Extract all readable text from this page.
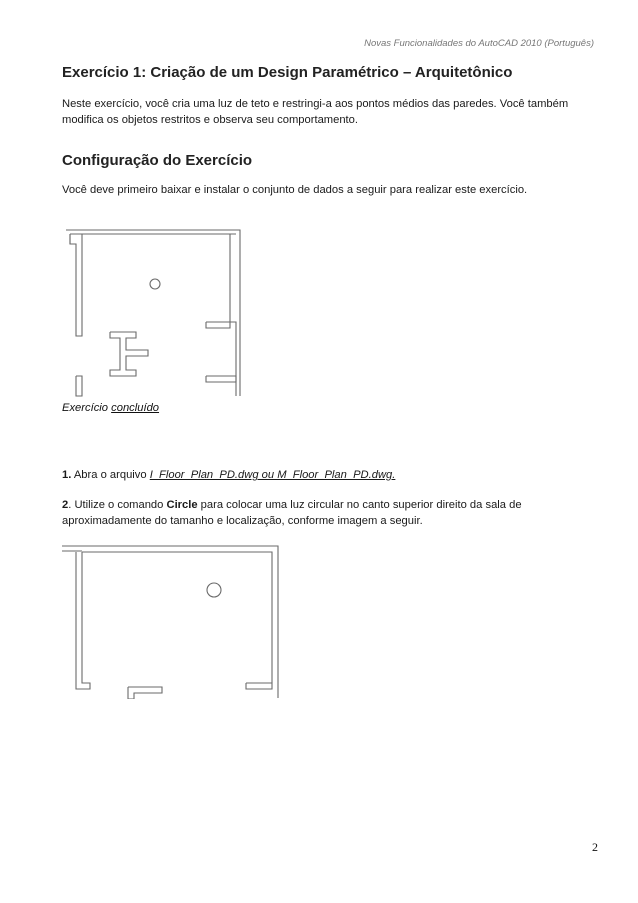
Novas Funcionalidades do AutoCAD 2010 (Português)
Exercício 1: Criação de um Design Paramétrico – Arquitetônico
Neste exercício, você cria uma luz de teto e restringi-a aos pontos médios das paredes. Você também modifica os objetos restritos e observa seu comportamento.
Configuração do Exercício
Você deve primeiro baixar e instalar o conjunto de dados a seguir para realizar este exercício.
Exercício concluído
1. Abra o arquivo I_Floor_Plan_PD.dwg ou M_Floor_Plan_PD.dwg.
2. Utilize o comando Circle para colocar uma luz circular no canto superior direito da sala de aproximadamente do tamanho e localização, conforme imagem a seguir.
2
